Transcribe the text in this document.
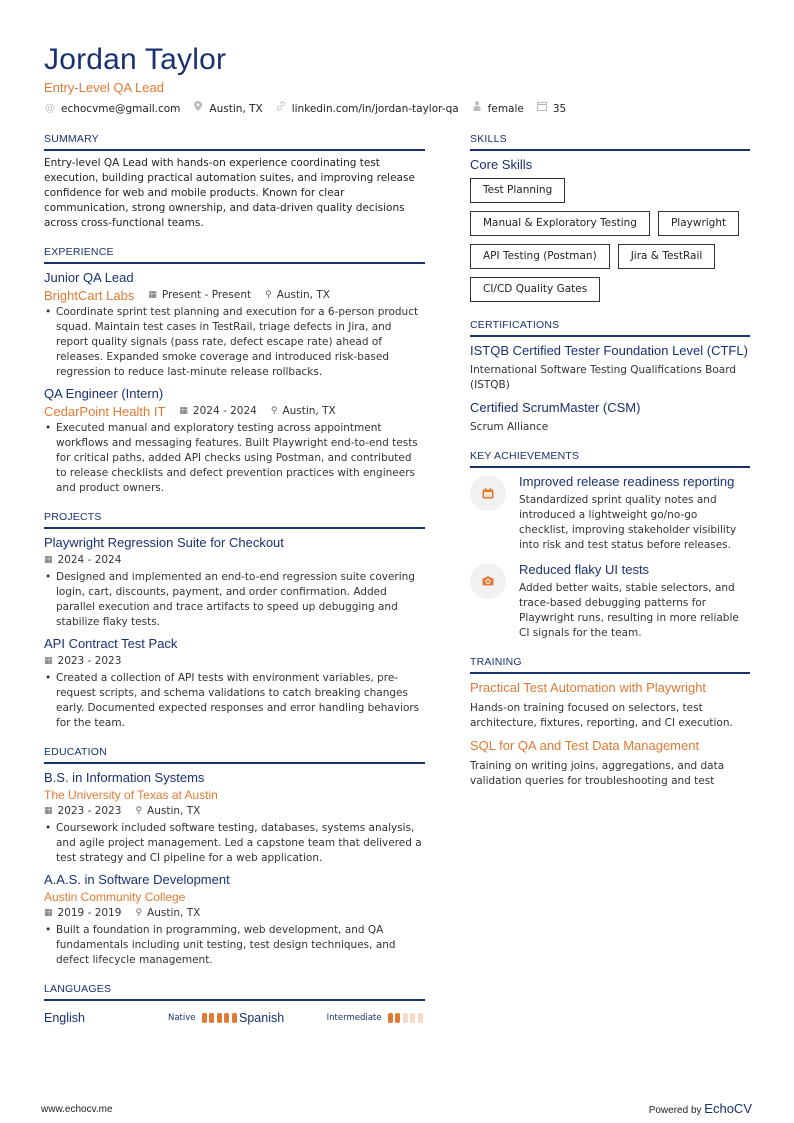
Jordan Taylor
Entry-Level QA Lead
@ echocvme@gmail.com	Austin, TX	linkedin.com/in/jordan-taylor-qa	female	35
SUMMARY
Entry-level QA Lead with hands-on experience coordinating test execution, building practical automation suites, and improving release confidence for web and mobile products. Known for clear communication, strong ownership, and data-driven quality decisions across cross-functional teams.
EXPERIENCE
Junior QA Lead
BrightCart Labs ▦ Present - Present ⚲ Austin, TX
• Coordinate sprint test planning and execution for a 6-person product squad. Maintain test cases in TestRail, triage defects in Jira, and report quality signals (pass rate, defect escape rate) ahead of releases. Expanded smoke coverage and introduced risk-based regression to reduce last-minute release rollbacks.
QA Engineer (Intern)
CedarPoint Health IT ▦ 2024 - 2024 ⚲ Austin, TX
• Executed manual and exploratory testing across appointment workflows and messaging features. Built Playwright end-to-end tests for critical paths, added API checks using Postman, and contributed to release checklists and defect prevention practices with engineers and product owners.
PROJECTS
Playwright Regression Suite for Checkout
▦ 2024 - 2024
• Designed and implemented an end-to-end regression suite covering login, cart, discounts, payment, and order confirmation. Added parallel execution and trace artifacts to speed up debugging and stabilize flaky tests.
API Contract Test Pack
▦ 2023 - 2023
• Created a collection of API tests with environment variables, pre-request scripts, and schema validations to catch breaking changes early. Documented expected responses and error handling behaviors for the team.
EDUCATION
B.S. in Information Systems
The University of Texas at Austin
▦ 2023 - 2023 ⚲ Austin, TX
• Coursework included software testing, databases, systems analysis, and agile project management. Led a capstone team that delivered a test strategy and CI pipeline for a web application.
A.A.S. in Software Development
Austin Community College
▦ 2019 - 2019 ⚲ Austin, TX
• Built a foundation in programming, web development, and QA fundamentals including unit testing, test design techniques, and defect lifecycle management.
LANGUAGES
English	Native	Spanish	Intermediate
SKILLS
Core Skills
Test Planning
Manual & Exploratory Testing	Playwright
API Testing (Postman)	Jira & TestRail
CI/CD Quality Gates
CERTIFICATIONS
ISTQB Certified Tester Foundation Level (CTFL)
International Software Testing Qualifications Board (ISTQB)
Certified ScrumMaster (CSM)
Scrum Alliance
KEY ACHIEVEMENTS
Improved release readiness reporting
Standardized sprint quality notes and introduced a lightweight go/no-go checklist, improving stakeholder visibility into risk and test status before releases.
Reduced flaky UI tests
Added better waits, stable selectors, and trace-based debugging patterns for Playwright runs, resulting in more reliable CI signals for the team.
TRAINING
Practical Test Automation with Playwright
Hands-on training focused on selectors, test architecture, fixtures, reporting, and CI execution.
SQL for QA and Test Data Management
Training on writing joins, aggregations, and data validation queries for troubleshooting and test
www.echocv.me	Powered by EchoCV
